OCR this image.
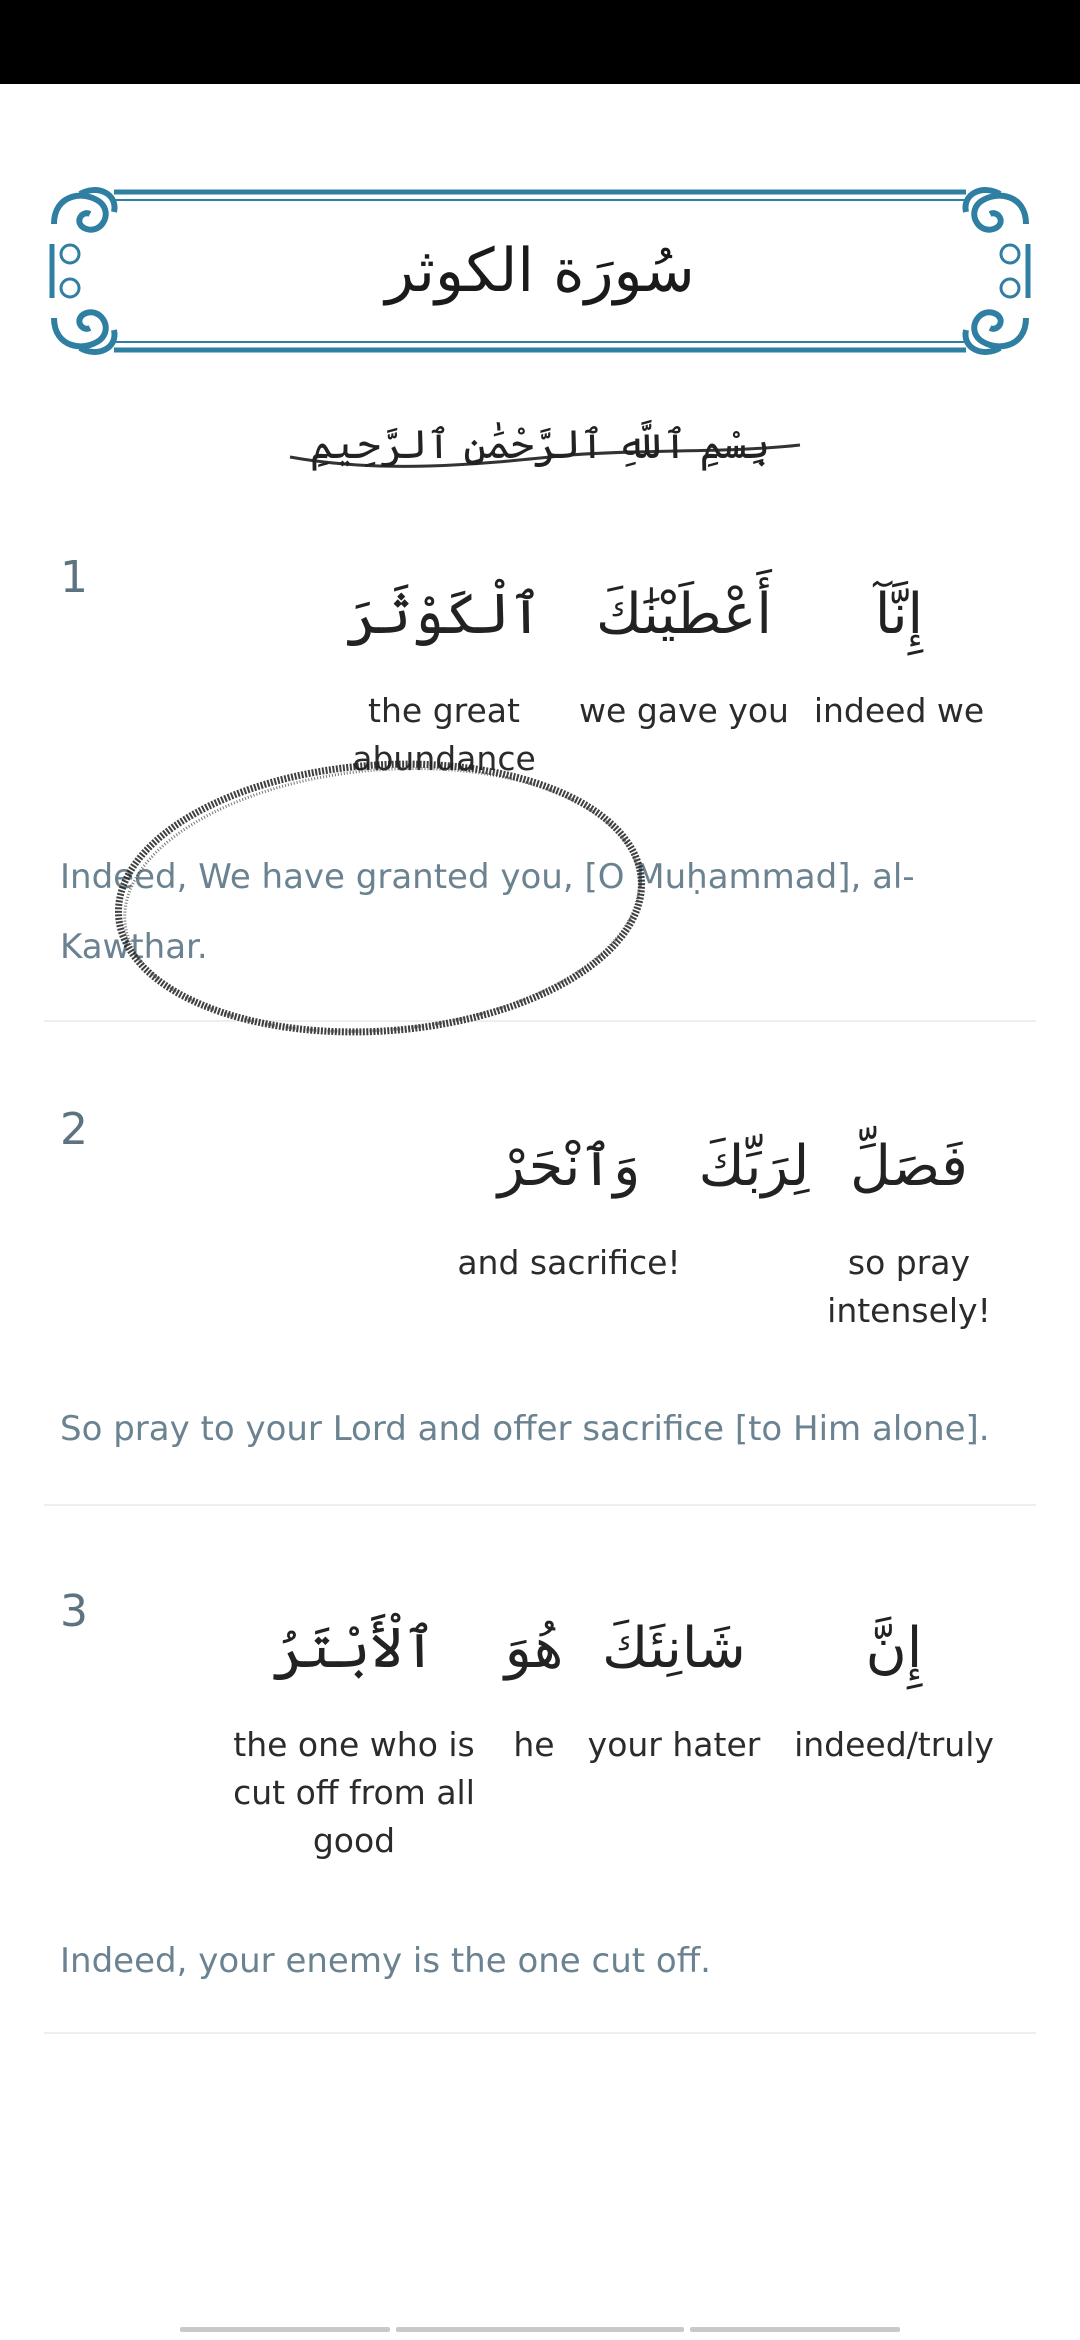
سُورَة الكوثر
بِسْمِ ٱللَّهِ ٱلرَّحْمَٰنِ ٱلرَّحِيمِ
1
إِنَّآ
indeed we
أَعْطَيْنَٰكَ
we gave you
ٱلْكَوْثَرَ
the great abundance
Indeed, We have granted you, [O Muḥammad], al-Kawthar.
2
فَصَلِّ
so pray intensely!
لِرَبِّكَ
وَٱنْحَرْ
and sacrifice!
So pray to your Lord and offer sacrifice [to Him alone].
3
إِنَّ
indeed/truly
شَانِئَكَ
your hater
هُوَ
he
ٱلْأَبْتَرُ
the one who is cut off from all good
Indeed, your enemy is the one cut off.
